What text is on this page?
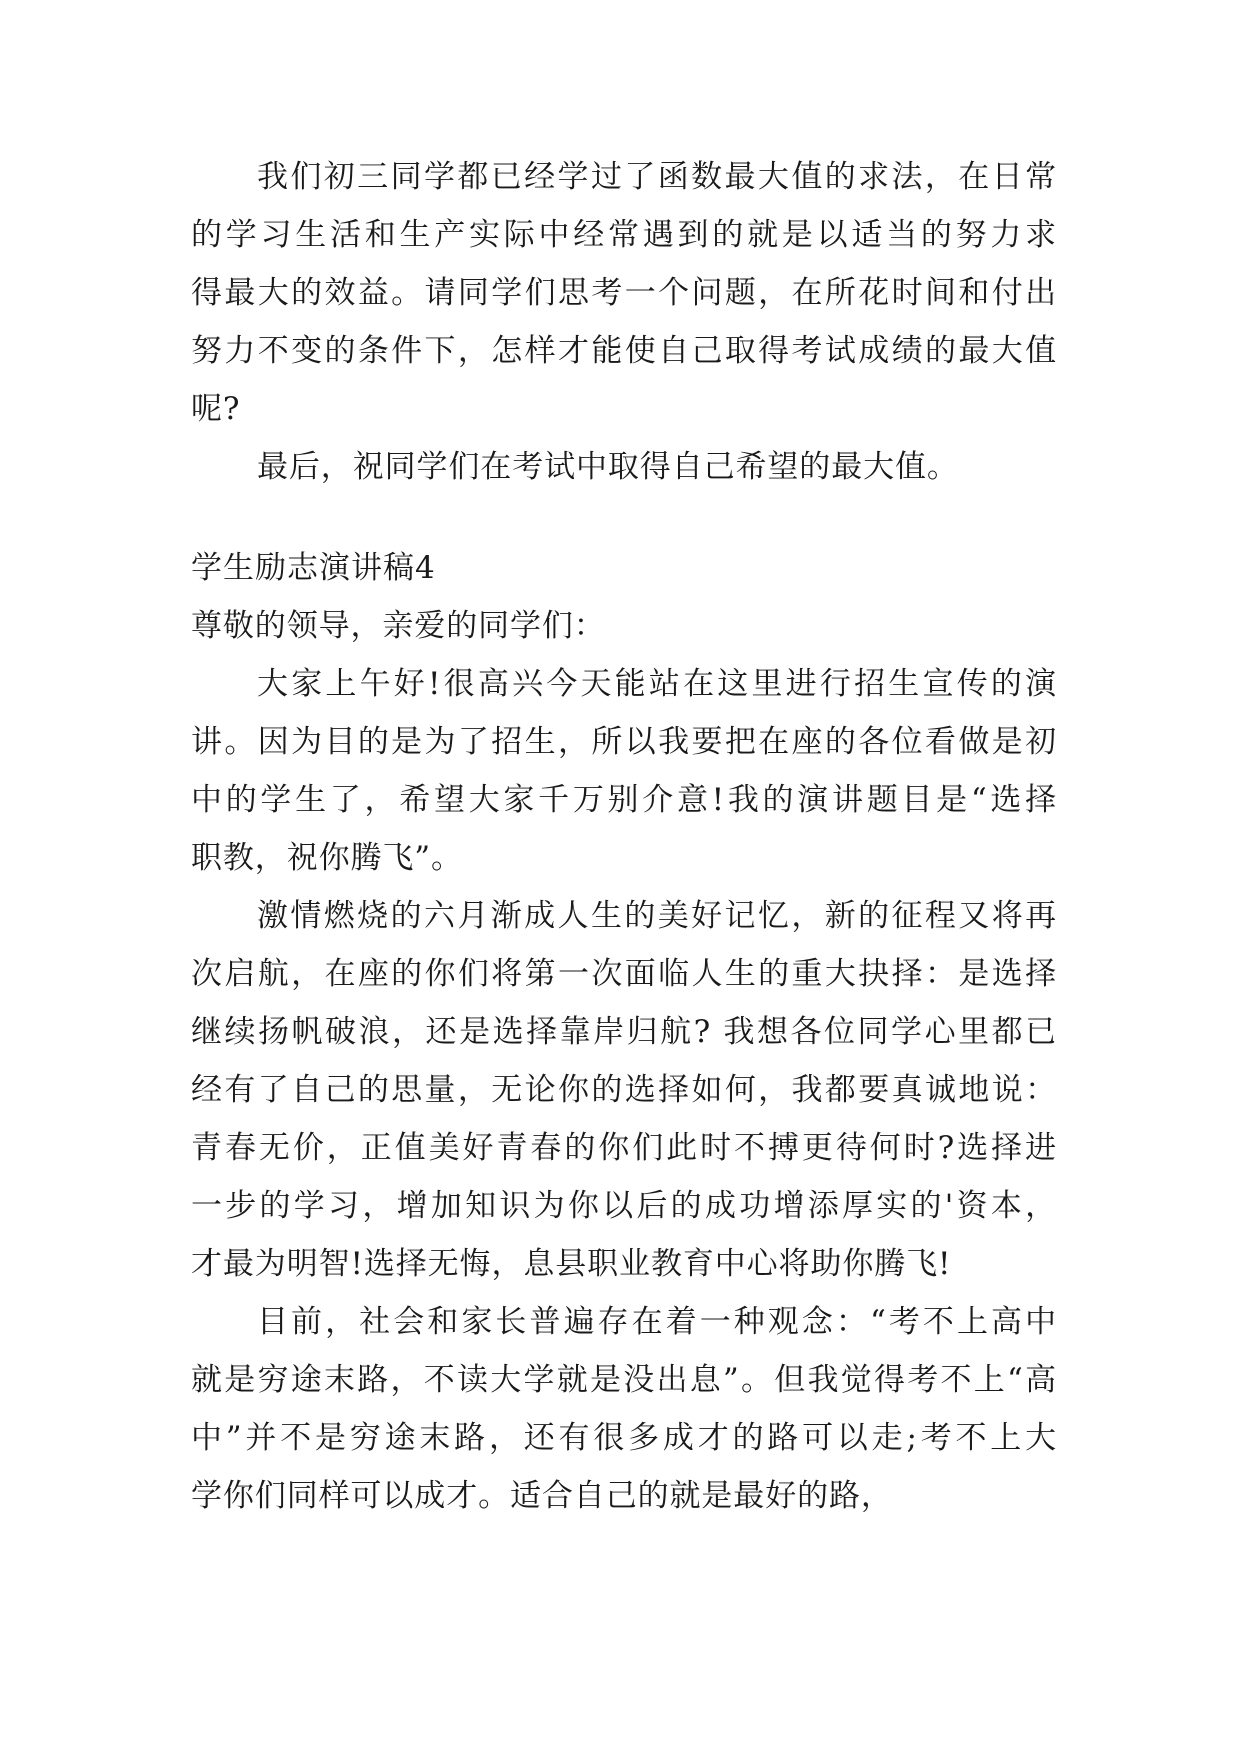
我们初三同学都已经学过了函数最大值的求法，在日常
的学习生活和生产实际中经常遇到的就是以适当的努力求
得最大的效益。请同学们思考一个问题，在所花时间和付出
努力不变的条件下，怎样才能使自己取得考试成绩的最大值
呢?
最后，祝同学们在考试中取得自己希望的最大值。
学生励志演讲稿4
尊敬的领导，亲爱的同学们：
大家上午好!很高兴今天能站在这里进行招生宣传的演
讲。因为目的是为了招生，所以我要把在座的各位看做是初
中的学生了，希望大家千万别介意!我的演讲题目是“选择
职教，祝你腾飞”。
激情燃烧的六月渐成人生的美好记忆，新的征程又将再
次启航，在座的你们将第一次面临人生的重大抉择：是选择
继续扬帆破浪，还是选择靠岸归航? 我想各位同学心里都已
经有了自己的思量，无论你的选择如何，我都要真诚地说：
青春无价，正值美好青春的你们此时不搏更待何时?选择进
一步的学习，增加知识为你以后的成功增添厚实的'资本，
才最为明智!选择无悔，息县职业教育中心将助你腾飞!
目前，社会和家长普遍存在着一种观念：“考不上高中
就是穷途末路，不读大学就是没出息”。但我觉得考不上“高
中”并不是穷途末路，还有很多成才的路可以走;考不上大
学你们同样可以成才。适合自己的就是最好的路，
